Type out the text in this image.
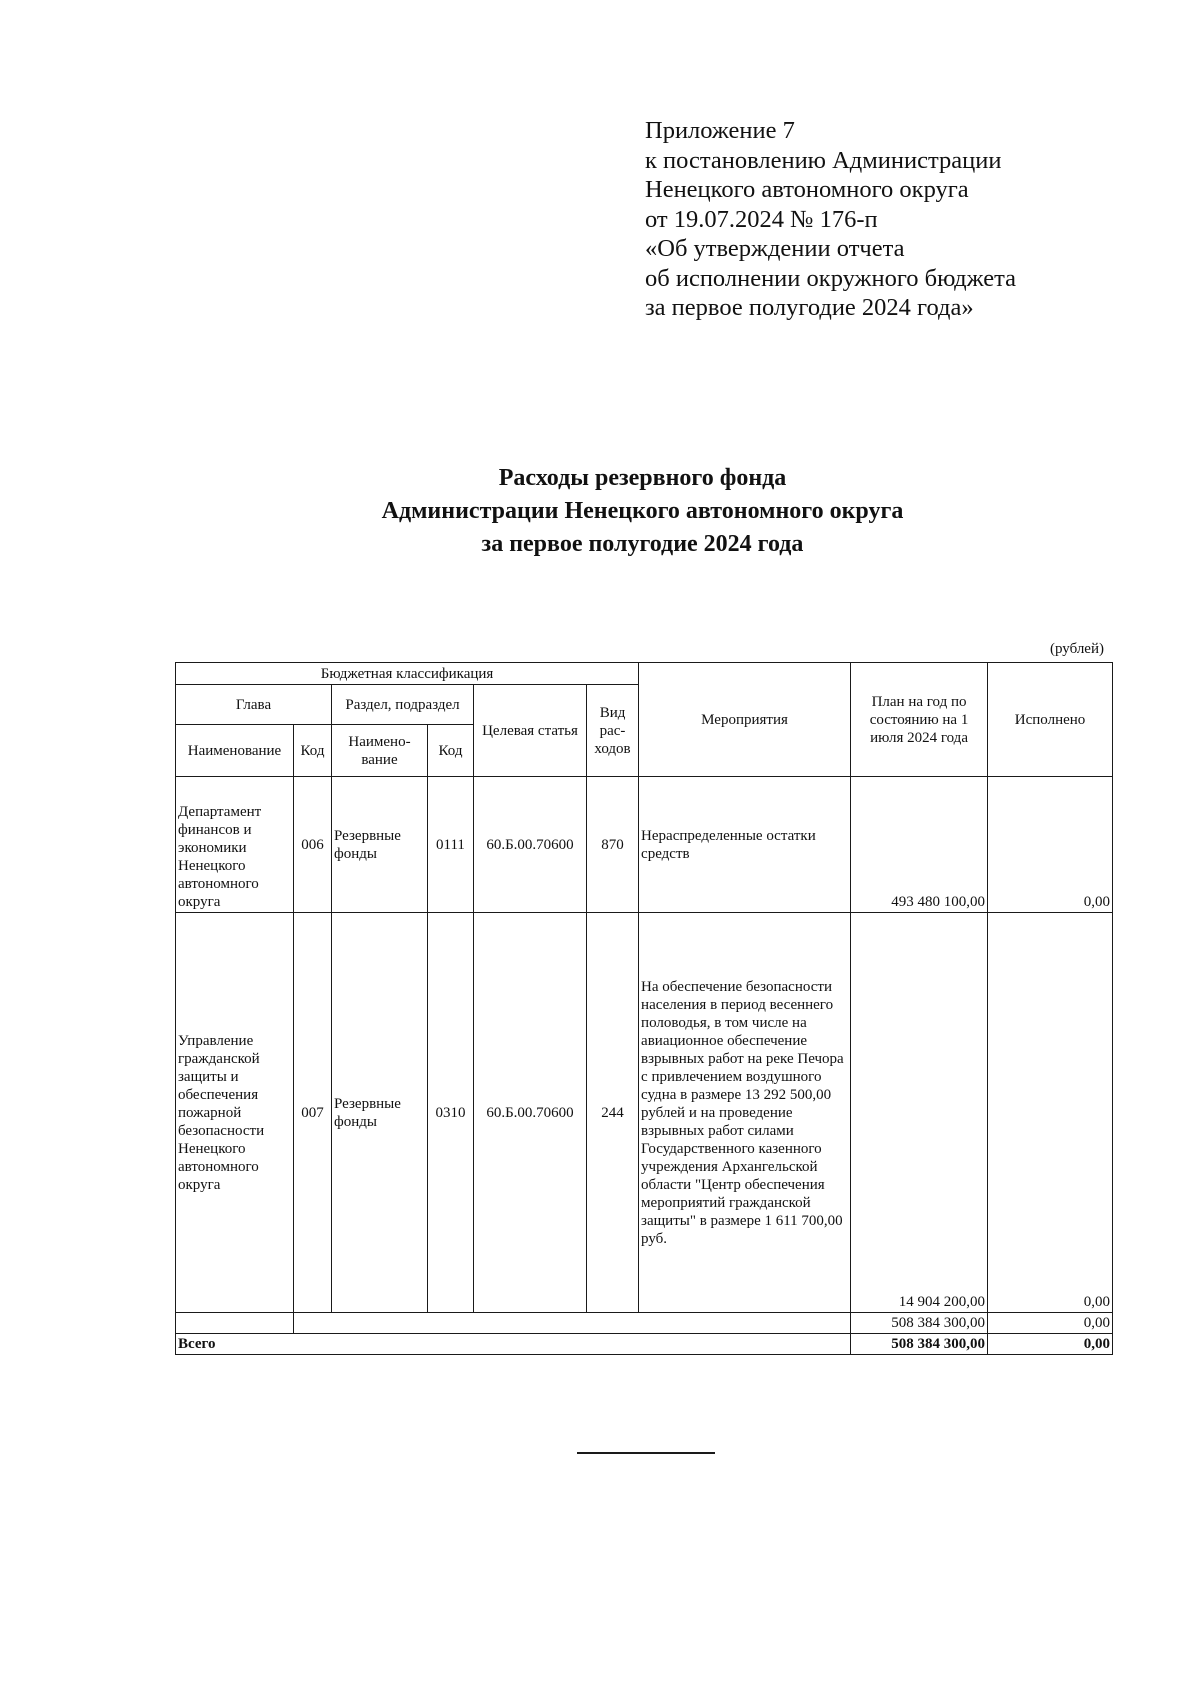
Приложение 7
к постановлению Администрации
Ненецкого автономного округа
от 19.07.2024 № 176-п
«Об утверждении отчета
об исполнении окружного бюджета
за первое полугодие 2024 года»
Расходы резервного фонда
Администрации Ненецкого автономного округа
за первое полугодие 2024 года
(рублей)
Бюджетная классификация						Мероприятия	План на год по состоянию на 1 июля 2024 года	Исполнено
Глава		Раздел, подраздел		Целевая статья	Вид рас-ходов			
Наименование	Код	Наимено-вание	Код					
Департамент финансов и экономики Ненецкого автономного округа	006	Резервные фонды	0111	60.Б.00.70600	870	Нераспределенные остатки средств	493 480 100,00	0,00
Управление гражданской защиты и обеспечения пожарной безопасности Ненецкого автономного округа	007	Резервные фонды	0310	60.Б.00.70600	244	На обеспечение безопасности населения в период весеннего половодья, в том числе на авиационное обеспечение взрывных работ на реке Печора с привлечением воздушного судна в размере 13 292 500,00 рублей и на проведение взрывных работ силами Государственного казенного учреждения Архангельской области "Центр обеспечения мероприятий гражданской защиты" в размере 1 611 700,00 руб.	14 904 200,00	0,00
							508 384 300,00	0,00
Всего							508 384 300,00	0,00
